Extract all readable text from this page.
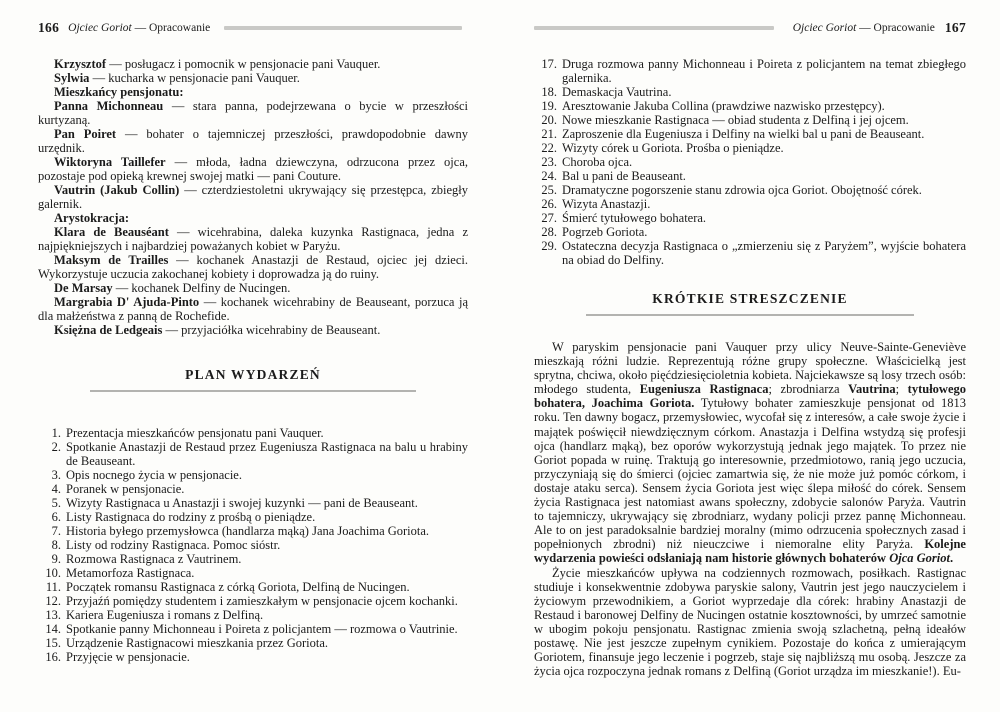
166 Ojciec Goriot — Opracowanie

Krzysztof — posługacz i pomocnik w pensjonacie pani Vauquer.

Sylwia — kucharka w pensjonacie pani Vauquer.

Mieszkańcy pensjonatu:

Panna Michonneau — stara panna, podejrzewana o bycie w przeszłości kurtyzaną.

Pan Poiret — bohater o tajemniczej przeszłości, prawdopodobnie dawny urzędnik.

Wiktoryna Taillefer — młoda, ładna dziewczyna, odrzucona przez ojca, pozostaje pod opieką krewnej swojej matki — pani Couture.

Vautrin (Jakub Collin) — czterdziestoletni ukrywający się przestępca, zbiegły galernik.

Arystokracja:

Klara de Beauséant — wicehrabina, daleka kuzynka Rastignaca, jedna z najpiękniejszych i najbardziej poważanych kobiet w Paryżu.

Maksym de Trailles — kochanek Anastazji de Restaud, ojciec jej dzieci. Wykorzystuje uczucia zakochanej kobiety i doprowadza ją do ruiny.

De Marsay — kochanek Delfiny de Nucingen.

Margrabia D' Ajuda-Pinto — kochanek wicehrabiny de Beauseant, porzuca ją dla małżeństwa z panną de Rochefide.

Księżna de Ledgeais — przyjaciółka wicehrabiny de Beauseant.

PLAN WYDARZEŃ
1. Prezentacja mieszkańców pensjonatu pani Vauquer.
2. Spotkanie Anastazji de Restaud przez Eugeniusza Rastignaca na balu u hrabiny de Beauseant.
3. Opis nocnego życia w pensjonacie.
4. Poranek w pensjonacie.
5. Wizyty Rastignaca u Anastazji i swojej kuzynki — pani de Beauseant.
6. Listy Rastignaca do rodziny z prośbą o pieniądze.
7. Historia byłego przemysłowca (handlarza mąką) Jana Joachima Goriota.
8. Listy od rodziny Rastignaca. Pomoc sióstr.
9. Rozmowa Rastignaca z Vautrinem.
10. Metamorfoza Rastignaca.
11. Początek romansu Rastignaca z córką Goriota, Delfiną de Nucingen.
12. Przyjaźń pomiędzy studentem i zamieszkałym w pensjonacie ojcem kochanki.
13. Kariera Eugeniusza i romans z Delfiną.
14. Spotkanie panny Michonneau i Poireta z policjantem — rozmowa o Vautrinie.
15. Urządzenie Rastignacowi mieszkania przez Goriota.
16. Przyjęcie w pensjonacie.
Ojciec Goriot — Opracowanie 167
17. Druga rozmowa panny Michonneau i Poireta z policjantem na temat zbiegłego galernika.
18. Demaskacja Vautrina.
19. Aresztowanie Jakuba Collina (prawdziwe nazwisko przestępcy).
20. Nowe mieszkanie Rastignaca — obiad studenta z Delfiną i jej ojcem.
21. Zaproszenie dla Eugeniusza i Delfiny na wielki bal u pani de Beauseant.
22. Wizyty córek u Goriota. Prośba o pieniądze.
23. Choroba ojca.
24. Bal u pani de Beauseant.
25. Dramatyczne pogorszenie stanu zdrowia ojca Goriot. Obojętność córek.
26. Wizyta Anastazji.
27. Śmierć tytułowego bohatera.
28. Pogrzeb Goriota.
29. Ostateczna decyzja Rastignaca o „zmierzeniu się z Paryżem”, wyjście bohatera na obiad do Delfiny.
KRÓTKIE STRESZCZENIE

W paryskim pensjonacie pani Vauquer przy ulicy Neuve-Sainte-Geneviève mieszkają różni ludzie. Reprezentują różne grupy społeczne. Właścicielką jest sprytna, chciwa, około pięćdziesięcioletnia kobieta. Najciekawsze są losy trzech osób: młodego studenta, Eugeniusza Rastignaca; zbrodniarza Vautrina; tytułowego bohatera, Joachima Goriota. Tytułowy bohater zamieszkuje pensjonat od 1813 roku. Ten dawny bogacz, przemysłowiec, wycofał się z interesów, a całe swoje życie i majątek poświęcił niewdzięcznym córkom. Anastazja i Delfina wstydzą się profesji ojca (handlarz mąką), bez oporów wykorzystują jednak jego majątek. To przez nie Goriot popada w ruinę. Traktują go interesownie, przedmiotowo, ranią jego uczucia, przyczyniają się do śmierci (ojciec zamartwia się, że nie może już pomóc córkom, i dostaje ataku serca). Sensem życia Goriota jest więc ślepa miłość do córek. Sensem życia Rastignaca jest natomiast awans społeczny, zdobycie salonów Paryża. Vautrin to tajemniczy, ukrywający się zbrodniarz, wydany policji przez pannę Michonneau. Ale to on jest paradoksalnie bardziej moralny (mimo odrzucenia społecznych zasad i popełnionych zbrodni) niż nieuczciwe i niemoralne elity Paryża. Kolejne wydarzenia powieści odsłaniają nam historie głównych bohaterów Ojca Goriot.

Życie mieszkańców upływa na codziennych rozmowach, posiłkach. Rastignac studiuje i konsekwentnie zdobywa paryskie salony, Vautrin jest jego nauczycielem i życiowym przewodnikiem, a Goriot wyprzedaje dla córek: hrabiny Anastazji de Restaud i baronowej Delfiny de Nucingen ostatnie kosztowności, by umrzeć samotnie w ubogim pokoju pensjonatu. Rastignac zmienia swoją szlachetną, pełną ideałów postawę. Nie jest jeszcze zupełnym cynikiem. Pozostaje do końca z umierającym Goriotem, finansuje jego leczenie i pogrzeb, staje się najbliższą mu osobą. Jeszcze za życia ojca rozpoczyna jednak romans z Delfiną (Goriot urządza im mieszkanie!). Eu-
